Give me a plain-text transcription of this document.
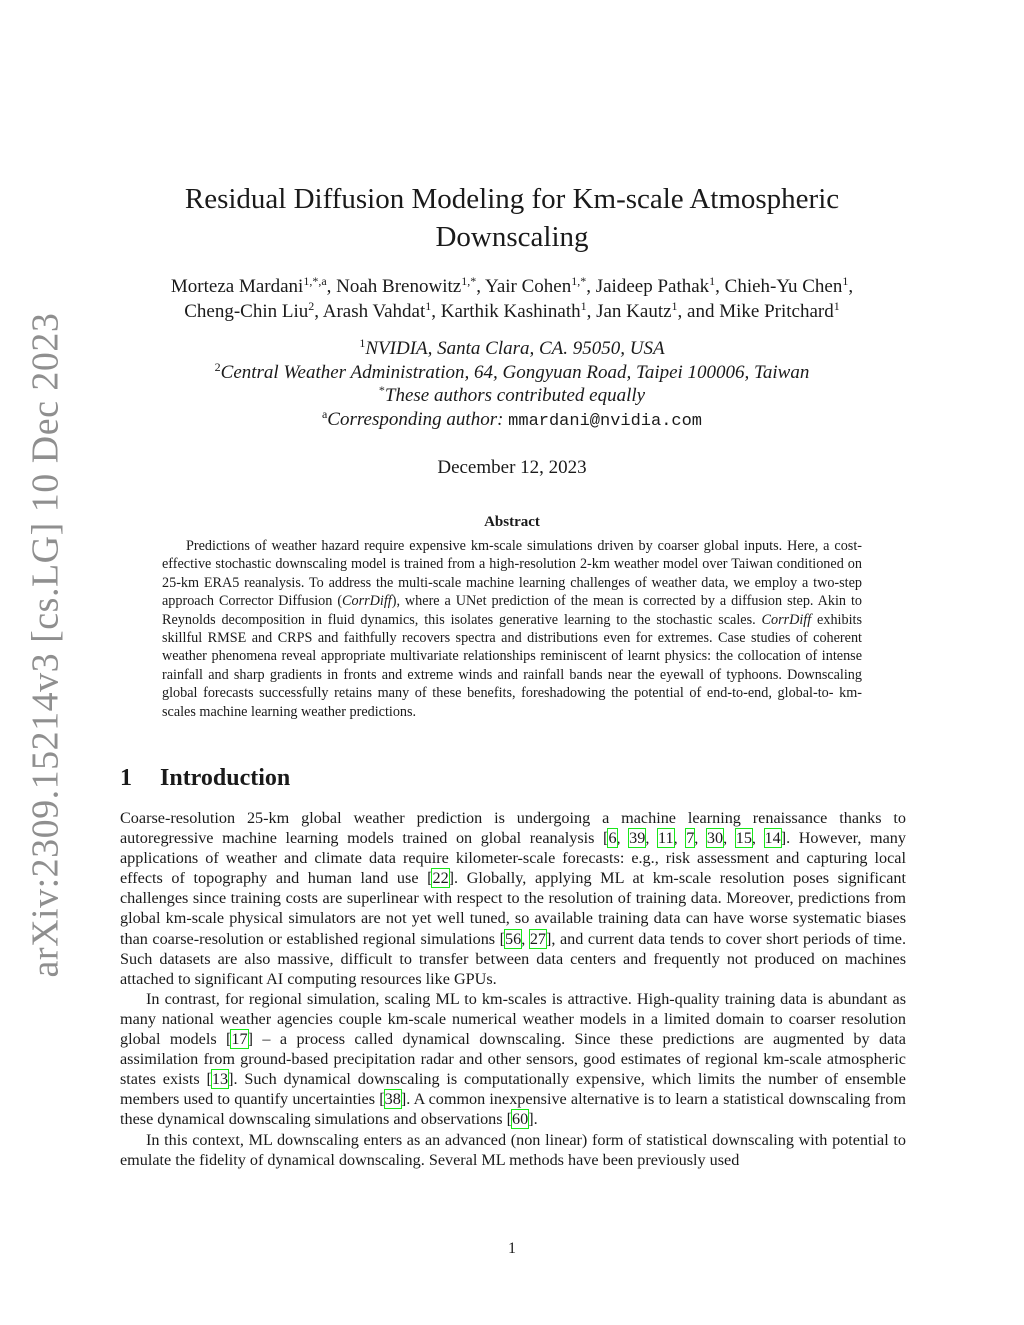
arXiv:2309.15214v3 [cs.LG] 10 Dec 2023
Residual Diffusion Modeling for Km-scale Atmospheric Downscaling
Morteza Mardani$^{1,*,a}$, Noah Brenowitz$^{1,*}$, Yair Cohen$^{1,*}$, Jaideep Pathak$^1$, Chieh-Yu Chen$^1$,
Cheng-Chin Liu$^2$, Arash Vahdat$^1$, Karthik Kashinath$^1$, Jan Kautz$^1$, and Mike Pritchard$^1$
$^1$NVIDIA, Santa Clara, CA. 95050, USA
$^2$Central Weather Administration, 64, Gongyuan Road, Taipei 100006, Taiwan
*These authors contributed equally
$^a$Corresponding author: mmardani@nvidia.com
December 12, 2023
Abstract

Predictions of weather hazard require expensive km-scale simulations driven by coarser global inputs. Here, a cost-effective stochastic downscaling model is trained from a high-resolution 2-km weather model over Taiwan conditioned on 25-km ERA5 reanalysis. To address the multi-scale machine learning challenges of weather data, we employ a two-step approach Corrector Diffusion (CorrDiff), where a UNet prediction of the mean is corrected by a diffusion step. Akin to Reynolds decomposition in fluid dynamics, this isolates generative learning to the stochastic scales. CorrDiff exhibits skillful RMSE and CRPS and faithfully recovers spectra and distributions even for extremes. Case studies of coherent weather phenomena reveal appropriate multivariate relationships reminiscent of learnt physics: the collocation of intense rainfall and sharp gradients in fronts and extreme winds and rainfall bands near the eyewall of typhoons. Downscaling global forecasts successfully retains many of these benefits, foreshadowing the potential of end-to-end, global-to- km-scales machine learning weather predictions.

1 Introduction

Coarse-resolution 25-km global weather prediction is undergoing a machine learning renaissance thanks to autoregressive machine learning models trained on global reanalysis [6, 39, 11, 7, 30, 15, 14]. However, many applications of weather and climate data require kilometer-scale forecasts: e.g., risk assessment and capturing local effects of topography and human land use [22]. Globally, applying ML at km-scale resolution poses significant challenges since training costs are superlinear with respect to the resolution of training data. Moreover, predictions from global km-scale physical simulators are not yet well tuned, so available training data can have worse systematic biases than coarse-resolution or established regional simulations [56, 27], and current data tends to cover short periods of time. Such datasets are also massive, difficult to transfer between data centers and frequently not produced on machines attached to significant AI computing resources like GPUs.

In contrast, for regional simulation, scaling ML to km-scales is attractive. High-quality training data is abundant as many national weather agencies couple km-scale numerical weather models in a limited domain to coarser resolution global models [17] – a process called dynamical downscaling. Since these predictions are augmented by data assimilation from ground-based precipitation radar and other sensors, good estimates of regional km-scale atmospheric states exists [13]. Such dynamical downscaling is computationally expensive, which limits the number of ensemble members used to quantify uncertainties [38]. A common inexpensive alternative is to learn a statistical downscaling from these dynamical downscaling simulations and observations [60].

In this context, ML downscaling enters as an advanced (non linear) form of statistical downscaling with potential to emulate the fidelity of dynamical downscaling. Several ML methods have been previously used

1
